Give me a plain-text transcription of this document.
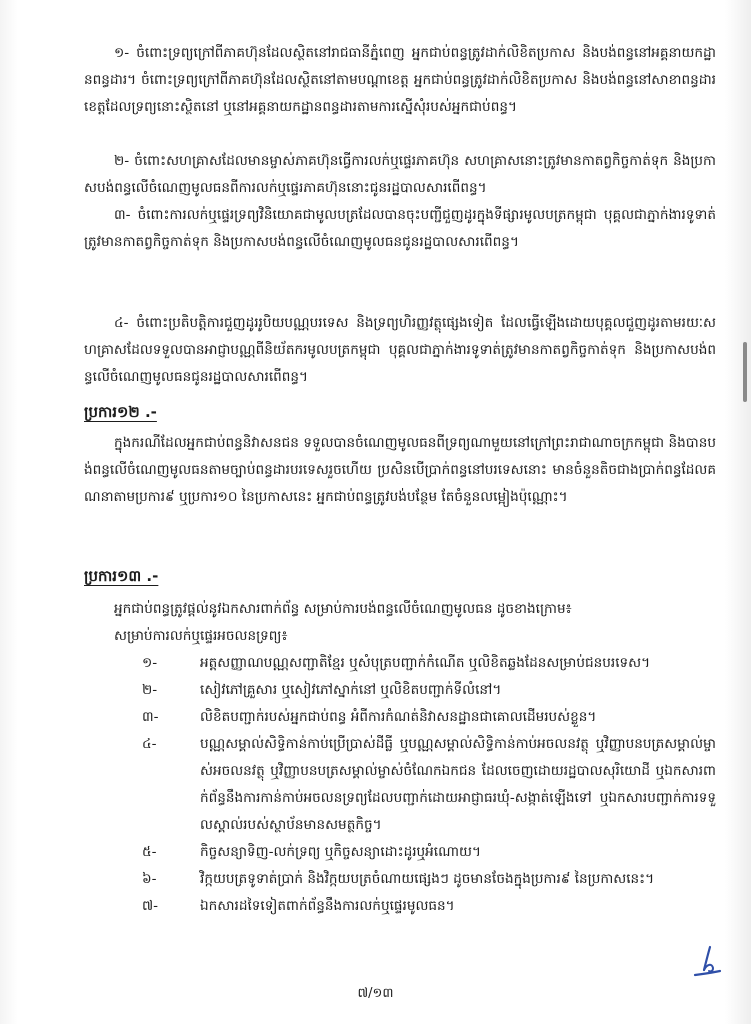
១- ចំពោះទ្រព្យក្រៅពីភាគហ៊ុនដែលស្ថិតនៅរាជធានីភ្នំពេញ អ្នកជាប់ពន្ធត្រូវដាក់លិខិតប្រកាស និងបង់ពន្ធនៅអគ្គនាយកដ្ឋានពន្ធដារ។ ចំពោះទ្រព្យក្រៅពីភាគហ៊ុនដែលស្ថិតនៅតាមបណ្តាខេត្ត អ្នកជាប់ពន្ធត្រូវដាក់លិខិតប្រកាស និងបង់ពន្ធនៅសាខាពន្ធដារខេត្តដែលទ្រព្យនោះស្ថិតនៅ ឬនៅអគ្គនាយកដ្ឋានពន្ធដារតាមការស្នើសុំរបស់អ្នកជាប់ពន្ធ។

២- ចំពោះសហគ្រាសដែលមានម្ចាស់ភាគហ៊ុនធ្វើការលក់ឬផ្ទេរភាគហ៊ុន សហគ្រាសនោះត្រូវមានកាតព្វកិច្ចកាត់ទុក និងប្រកាសបង់ពន្ធលើចំណេញមូលធនពីការលក់ឬផ្ទេរភាគហ៊ុននោះជូនរដ្ឋបាលសារពើពន្ធ។

៣- ចំពោះការលក់ឬផ្ទេរទ្រព្យវិនិយោគជាមូលបត្រដែលបានចុះបញ្ជីជួញដូរក្នុងទីផ្សារមូលបត្រកម្ពុជា បុគ្គលជាភ្នាក់ងារទូទាត់ ត្រូវមានកាតព្វកិច្ចកាត់ទុក និងប្រកាសបង់ពន្ធលើចំណេញមូលធនជូនរដ្ឋបាលសារពើពន្ធ។

៤- ចំពោះប្រតិបត្តិការជួញដូររូបិយបណ្ណបរទេស និងទ្រព្យហិរញ្ញវត្ថុផ្សេងទៀត ដែលធ្វើឡើងដោយបុគ្គលជួញដូរតាមរយៈសហគ្រាសដែលទទួលបានអាជ្ញាបណ្ណពីនិយ័តករមូលបត្រកម្ពុជា បុគ្គលជាភ្នាក់ងារទូទាត់ត្រូវមានកាតព្វកិច្ចកាត់ទុក និងប្រកាសបង់ពន្ធលើចំណេញមូលធនជូនរដ្ឋបាលសារពើពន្ធ។

ប្រការ១២ .-

ក្នុងករណីដែលអ្នកជាប់ពន្ធនិវាសនជន ទទួលបានចំណេញមូលធនពីទ្រព្យណាមួយនៅក្រៅព្រះរាជាណាចក្រកម្ពុជា និងបានបង់ពន្ធលើចំណេញមូលធនតាមច្បាប់ពន្ធដារបរទេសរួចហើយ ប្រសិនបើប្រាក់ពន្ធនៅបរទេសនោះ មានចំនួនតិចជាងប្រាក់ពន្ធដែលគណនាតាមប្រការ៩ ឬប្រការ១០ នៃប្រកាសនេះ អ្នកជាប់ពន្ធត្រូវបង់បន្ថែម តែចំនួនលម្អៀងប៉ុណ្ណោះ។

ប្រការ១៣ .-

អ្នកជាប់ពន្ធត្រូវផ្តល់នូវឯកសារពាក់ព័ន្ធ សម្រាប់ការបង់ពន្ធលើចំណេញមូលធន ដូចខាងក្រោម៖

សម្រាប់ការលក់ឬផ្ទេរអចលនទ្រព្យ៖

១-	អត្តសញ្ញាណបណ្ណសញ្ជាតិខ្មែរ ឬសំបុត្របញ្ជាក់កំណើត ឬលិខិតឆ្លងដែនសម្រាប់ជនបរទេស។
២-	សៀវភៅគ្រួសារ ឬសៀវភៅស្នាក់នៅ ឬលិខិតបញ្ជាក់ទីលំនៅ។
៣-	លិខិតបញ្ជាក់របស់អ្នកជាប់ពន្ធ អំពីការកំណត់និវាសនដ្ឋានជាគោលដើមរបស់ខ្លួន។
៤-	បណ្ណសម្គាល់សិទ្ធិកាន់កាប់ប្រើប្រាស់ដីធ្លី ឬបណ្ណសម្គាល់សិទ្ធិកាន់កាប់អចលនវត្ថុ ឬវិញ្ញាបនបត្រសម្គាល់ម្ចាស់អចលនវត្ថុ ឬវិញ្ញាបនបត្រសម្គាល់ម្ចាស់ចំណែកឯកជន ដែលចេញដោយរដ្ឋបាលសុរិយោដី ឬឯកសារពាក់ព័ន្ធនឹងការកាន់កាប់អចលនទ្រព្យដែលបញ្ជាក់ដោយអាជ្ញាធរឃុំ-សង្កាត់ឡើងទៅ ឬឯកសារបញ្ជាក់ការទទួលស្គាល់របស់ស្ថាប័នមានសមត្ថកិច្ច។
៥-	កិច្ចសន្យាទិញ-លក់ទ្រព្យ ឬកិច្ចសន្យាដោះដូរឬអំណោយ។
៦-	វិក្កយបត្រទូទាត់ប្រាក់ និងវិក្កយបត្រចំណាយផ្សេងៗ ដូចមានចែងក្នុងប្រការ៩ នៃប្រកាសនេះ។
៧-	ឯកសារដទៃទៀតពាក់ព័ន្ធនឹងការលក់ឬផ្ទេរមូលធន។

៧/១៣
